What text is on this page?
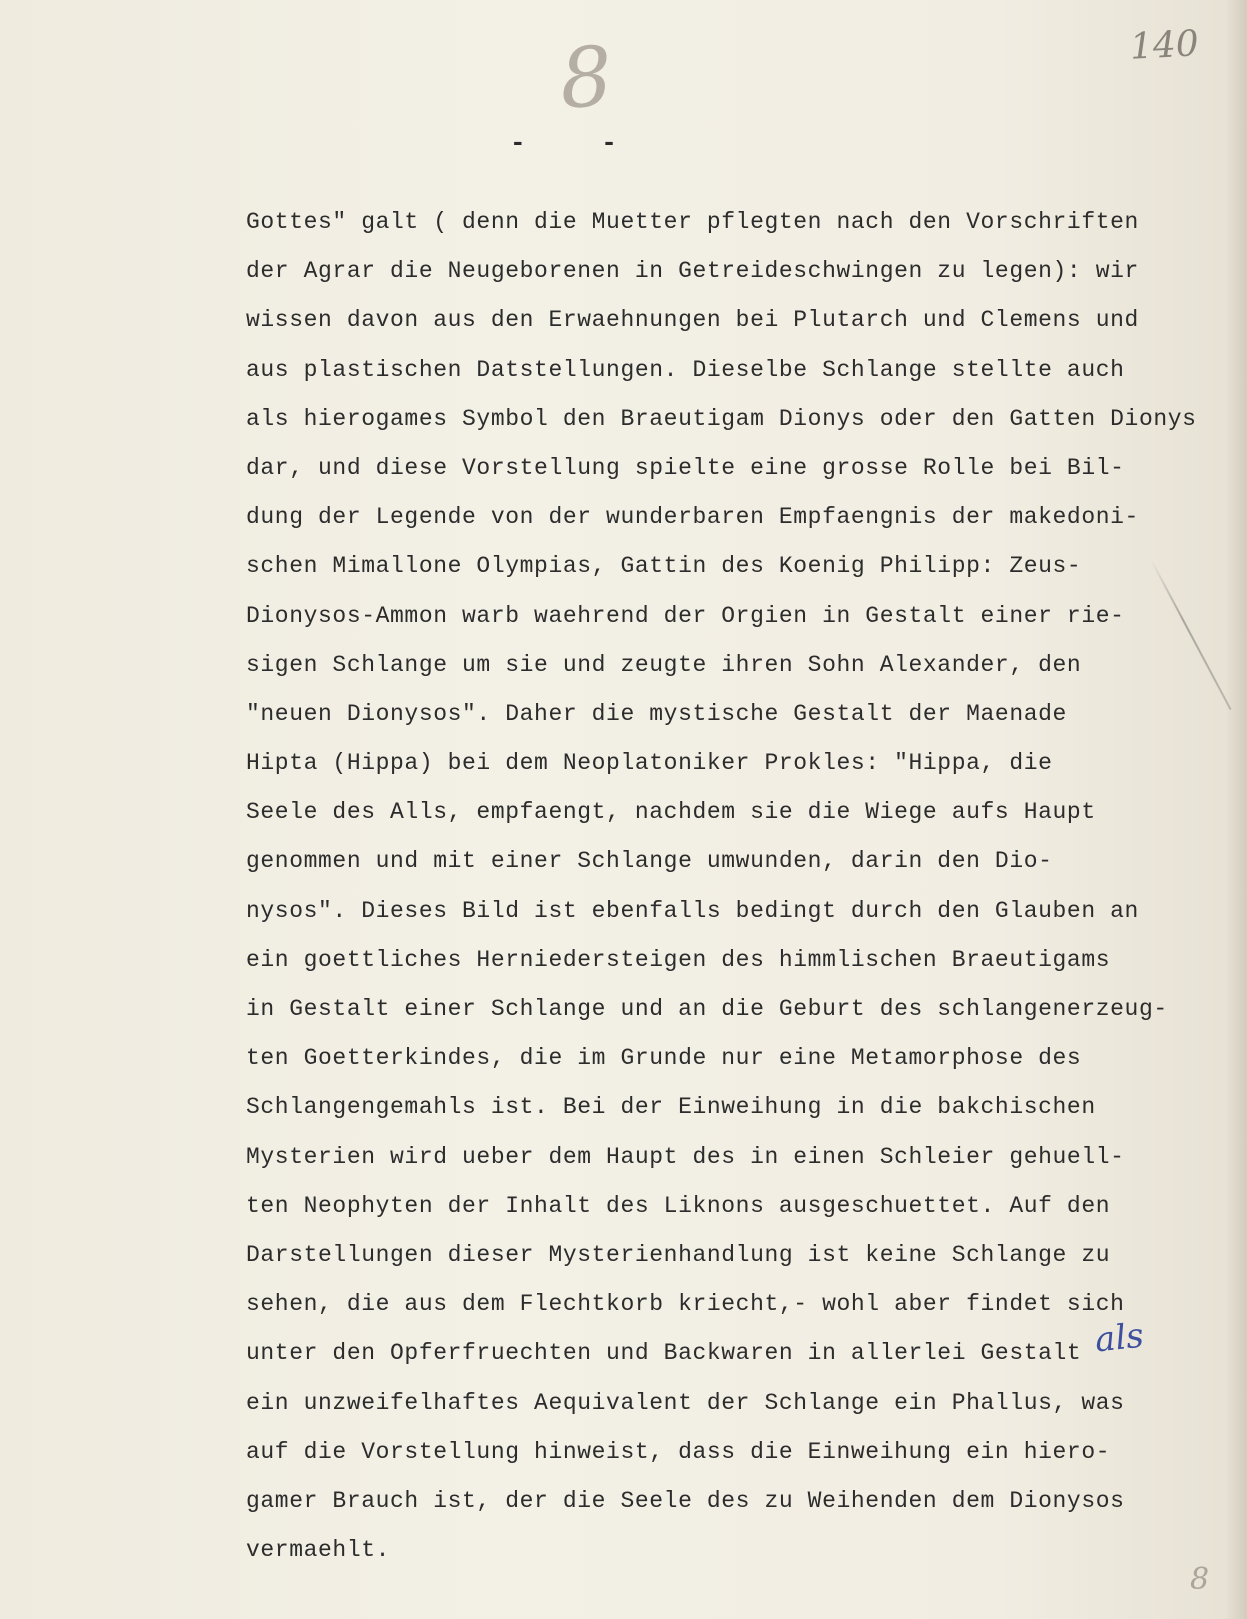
8	140
- -
Gottes" galt ( denn die Muetter pflegten nach den Vorschriften
der Agrar die Neugeborenen in Getreideschwingen zu legen): wir
wissen davon aus den Erwaehnungen bei Plutarch und Clemens und
aus plastischen Datstellungen. Dieselbe Schlange stellte auch
als hierogames Symbol den Braeutigam Dionys oder den Gatten Dionys
dar, und diese Vorstellung spielte eine grosse Rolle bei Bil-
dung der Legende von der wunderbaren Empfaengnis der makedoni-
schen Mimallone Olympias, Gattin des Koenig Philipp: Zeus-
Dionysos-Ammon warb waehrend der Orgien in Gestalt einer rie-
sigen Schlange um sie und zeugte ihren Sohn Alexander, den
"neuen Dionysos". Daher die mystische Gestalt der Maenade
Hipta (Hippa) bei dem Neoplatoniker Prokles: "Hippa, die
Seele des Alls, empfaengt, nachdem sie die Wiege aufs Haupt
genommen und mit einer Schlange umwunden, darin den Dio-
nysos". Dieses Bild ist ebenfalls bedingt durch den Glauben an
ein goettliches Herniedersteigen des himmlischen Braeutigams
in Gestalt einer Schlange und an die Geburt des schlangenerzeug-
ten Goetterkindes, die im Grunde nur eine Metamorphose des
Schlangengemahls ist. Bei der Einweihung in die bakchischen
Mysterien wird ueber dem Haupt des in einen Schleier gehuell-
ten Neophyten der Inhalt des Liknons ausgeschuettet. Auf den
Darstellungen dieser Mysterienhandlung ist keine Schlange zu
sehen, die aus dem Flechtkorb kriecht,- wohl aber findet sich
unter den Opferfruechten und Backwaren in allerlei Gestalt
ein unzweifelhaftes Aequivalent der Schlange ein Phallus, was
auf die Vorstellung hinweist, dass die Einweihung ein hiero-
gamer Brauch ist, der die Seele des zu Weihenden dem Dionysos
vermaehlt.
als
8
